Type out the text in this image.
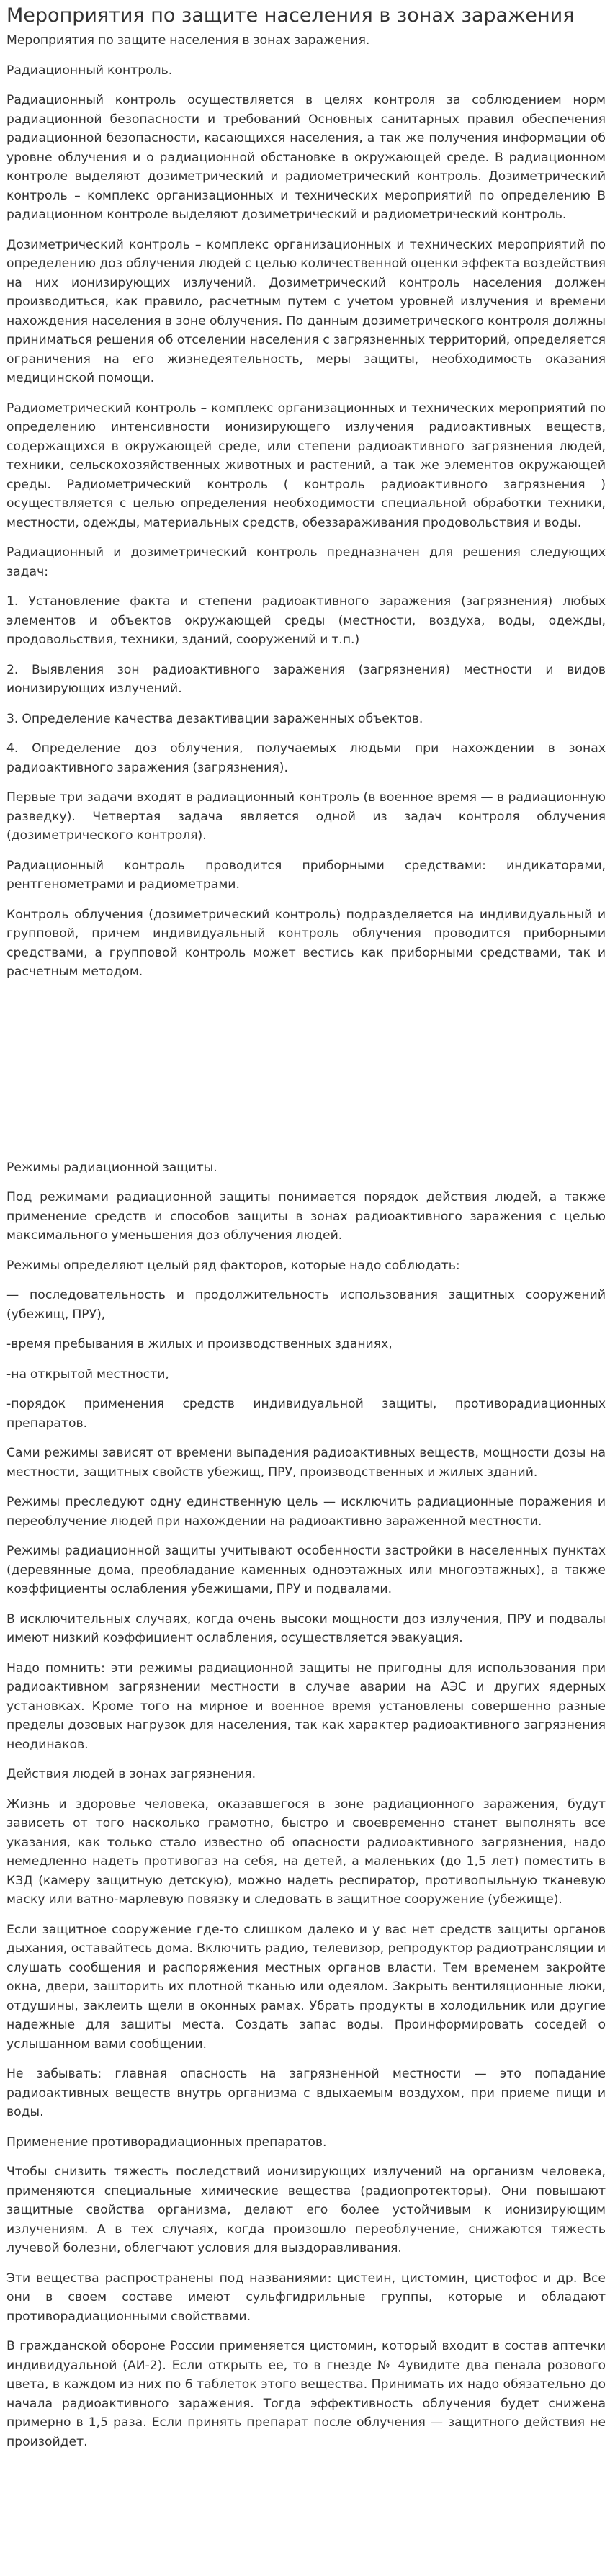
Мероприятия по защите населения в зонах заражения

Мероприятия по защите населения в зонах заражения.

Радиационный контроль.

Радиационный контроль осуществляется в целях контроля за соблюдением норм радиационной безопасности и требований Основных санитарных правил обеспечения радиационной безопасности, касающихся населения, а так же получения информации об уровне облучения и о радиационной обстановке в окружающей среде. В радиационном контроле выделяют дозиметрический и радиометрический контроль. Дозиметрический контроль – комплекс организационных и технических мероприятий по определению В радиационном контроле выделяют дозиметрический и радиометрический контроль.

Дозиметрический контроль – комплекс организационных и технических мероприятий по определению доз облучения людей с целью количественной оценки эффекта воздействия на них ионизирующих излучений. Дозиметрический контроль населения должен производиться, как правило, расчетным путем с учетом уровней излучения и времени нахождения населения в зоне облучения. По данным дозиметрического контроля должны приниматься решения об отселении населения с загрязненных территорий, определяется ограничения на его жизнедеятельность, меры защиты, необходимость оказания медицинской помощи.

Радиометрический контроль – комплекс организационных и технических мероприятий по определению интенсивности ионизирующего излучения радиоактивных веществ, содержащихся в окружающей среде, или степени радиоактивного загрязнения людей, техники, сельскохозяйственных животных и растений, а так же элементов окружающей среды. Радиометрический контроль ( контроль радиоактивного загрязнения ) осуществляется с целью определения необходимости специальной обработки техники, местности, одежды, материальных средств, обеззараживания продовольствия и воды.

Радиационный и дозиметрический контроль предназначен для решения следующих задач:

1. Установление факта и степени радиоактивного заражения (загрязнения) любых элементов и объектов окружающей среды (местности, воздуха, воды, одежды, продовольствия, техники, зданий, сооружений и т.п.)

2. Выявления зон радиоактивного заражения (загрязнения) местности и видов ионизирующих излучений.

3. Определение качества дезактивации зараженных объектов.

4. Определение доз облучения, получаемых людьми при нахождении в зонах радиоактивного заражения (загрязнения).

Первые три задачи входят в радиационный контроль (в военное время — в радиационную разведку). Четвертая задача является одной из задач контроля облучения (дозиметрического контроля).

Радиационный контроль проводится приборными средствами: индикаторами, рентгенометрами и радиометрами.

Контроль облучения (дозиметрический контроль) подразделяется на индивидуальный и групповой, причем индивидуальный контроль облучения проводится приборными средствами, а групповой контроль может вестись как приборными средствами, так и расчетным методом.

Режимы радиационной защиты.

Под режимами радиационной защиты понимается порядок действия людей, а также применение средств и способов защиты в зонах радиоактивного заражения с целью максимального уменьшения доз облучения людей.

Режимы определяют целый ряд факторов, которые надо соблюдать:

— последовательность и продолжительность использования защитных сооружений (убежищ, ПРУ),

-время пребывания в жилых и производственных зданиях,

-на открытой местности,

-порядок применения средств индивидуальной защиты, противорадиационных препаратов.

Сами режимы зависят от времени выпадения радиоактивных веществ, мощности дозы на местности, защитных свойств убежищ, ПРУ, производственных и жилых зданий.

Режимы преследуют одну единственную цель — исключить радиационные поражения и переоблучение людей при нахождении на радиоактивно зараженной местности.

Режимы радиационной защиты учитывают особенности застройки в населенных пунктах (деревянные дома, преобладание каменных одноэтажных или многоэтажных), а также коэффициенты ослабления убежищами, ПРУ и подвалами.

В исключительных случаях, когда очень высоки мощности доз излучения, ПРУ и подвалы имеют низкий коэффициент ослабления, осуществляется эвакуация.

Надо помнить: эти режимы радиационной защиты не пригодны для использования при радиоактивном загрязнении местности в случае аварии на АЭС и других ядерных установках. Кроме того на мирное и военное время установлены совершенно разные пределы дозовых нагрузок для населения, так как характер радиоактивного загрязнения неодинаков.

Действия людей в зонах загрязнения.

Жизнь и здоровье человека, оказавшегося в зоне радиационного заражения, будут зависеть от того насколько грамотно, быстро и своевременно станет выполнять все указания, как только стало известно об опасности радиоактивного загрязнения, надо немедленно надеть противогаз на себя, на детей, а маленьких (до 1,5 лет) поместить в КЗД (камеру защитную детскую), можно надеть респиратор, противопыльную тканевую маску или ватно-марлевую повязку и следовать в защитное сооружение (убежище).

Если защитное сооружение где-то слишком далеко и у вас нет средств защиты органов дыхания, оставайтесь дома. Включить радио, телевизор, репродуктор радиотрансляции и слушать сообщения и распоряжения местных органов власти. Тем временем закройте окна, двери, зашторить их плотной тканью или одеялом. Закрыть вентиляционные люки, отдушины, заклеить щели в оконных рамах. Убрать продукты в холодильник или другие надежные для защиты места. Создать запас воды. Проинформировать соседей о услышанном вами сообщении.

Не забывать: главная опасность на загрязненной местности — это попадание радиоактивных веществ внутрь организма с вдыхаемым воздухом, при приеме пищи и воды.

Применение противорадиационных препаратов.

Чтобы снизить тяжесть последствий ионизирующих излучений на организм человека, применяются специальные химические вещества (радиопротекторы). Они повышают защитные свойства организма, делают его более устойчивым к ионизирующим излучениям. А в тех случаях, когда произошло переоблучение, снижаются тяжесть лучевой болезни, облегчают условия для выздоравливания.

Эти вещества распространены под названиями: цистеин, цистомин, цистофос и др. Все они в своем составе имеют сульфгидрильные группы, которые и обладают противорадиационными свойствами.

В гражданской обороне России применяется цистомин, который входит в состав аптечки индивидуальной (АИ-2). Если открыть ее, то в гнезде № 4увидите два пенала розового цвета, в каждом из них по 6 таблеток этого вещества. Принимать их надо обязательно до начала радиоактивного заражения. Тогда эффективность облучения будет снижена примерно в 1,5 раза. Если принять препарат после облучения — защитного действия не произойдет.
